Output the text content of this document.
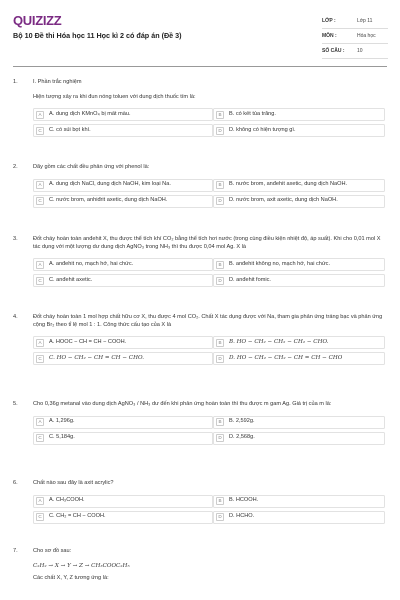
QUIZIZZ
Bộ 10 Đề thi Hóa học 11 Học kì 2 có đáp án (Đề 3)
LỚP :	Lớp 11
MÔN :	Hóa học
SỐ CÂU :	10
1.	I. Phần trắc nghiệm
Hiện tượng xảy ra khi đun nóng toluen với dung dịch thuốc tím là:
A	A. dung dịch KMnO₄ bị mất màu.	B	B. có kết tủa trắng.
C	C. có sủi bọt khí.	D	D. không có hiện tượng gì.
2.	Dãy gồm các chất đều phản ứng với phenol là:
A	A. dung dịch NaCl, dung dịch NaOH, kim loại Na.	B	B. nước brom, anđehit axetic, dung dịch NaOH.
C	C. nước brom, anhiđrit axetic, dung dịch NaOH.	D	D. nước brom, axit axetic, dung dịch NaOH.
3.	Đốt cháy hoàn toàn anđehit X, thu được thể tích khí CO₂ bằng thể tích hơi nước (trong cùng điều kiện nhiệt độ, áp suất). Khi cho 0,01 mol X tác dụng với một lượng dư dung dịch AgNO₃ trong NH₃ thì thu được 0,04 mol Ag. X là
A	A. anđehit no, mạch hở, hai chức.	B	B. anđehit không no, mạch hở, hai chức.
C	C. anđehit axetic.	D	D. anđehit fomic.
4.	Đốt cháy hoàn toàn 1 mol hợp chất hữu cơ X, thu được 4 mol CO₂. Chất X tác dụng được với Na, tham gia phản ứng tráng bạc và phản ứng cộng Br₂ theo tỉ lệ mol 1 : 1. Công thức cấu tạo của X là
A	A. HOOC − CH = CH − COOH.	B	B. HO − CH₂ − CH₂ − CH₂ − CHO.
C	C. HO − CH₂ − CH = CH − CHO.	D	D. HO − CH₂ − CH₂ − CH = CH − CHO
5.	Cho 0,36g metanal vào dung dịch AgNO₃ / NH₃ dư đến khi phản ứng hoàn toàn thì thu được m gam Ag. Giá trị của m là:
A	A. 1,296g.	B	B. 2,592g.
C	C. 5,184g.	D	D. 2,568g.
6.	Chất nào sau đây là axit acrylic?
A	A. CH₃COOH.	B	B. HCOOH.
C	C. CH₂ = CH − COOH.	D	D. HCHO.
7.	Cho sơ đồ sau:
C₂H₂ → X → Y → Z → CH₃COOC₂H₅
Các chất X, Y, Z tương ứng là:
